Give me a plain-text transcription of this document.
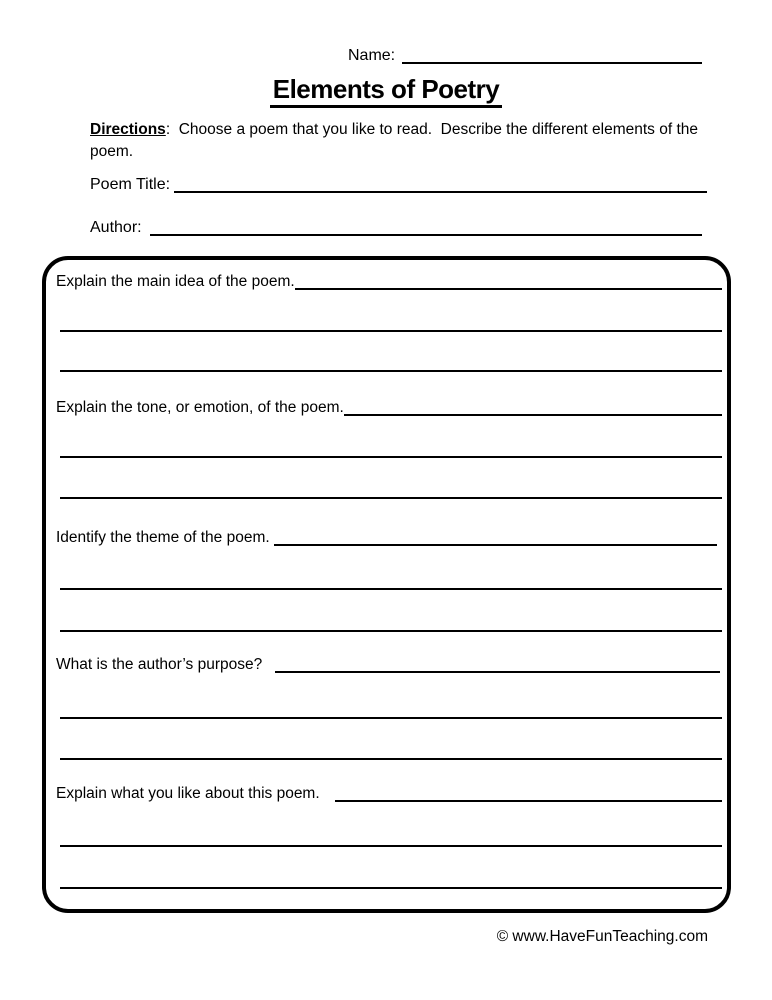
Name:
Elements of Poetry
Directions:  Choose a poem that you like to read.  Describe the different elements of the poem.
Poem Title:
Author:
Explain the main idea of the poem.
Explain the tone, or emotion, of the poem.
Identify the theme of the poem.
What is the author’s purpose?
Explain what you like about this poem.
© www.HaveFunTeaching.com
